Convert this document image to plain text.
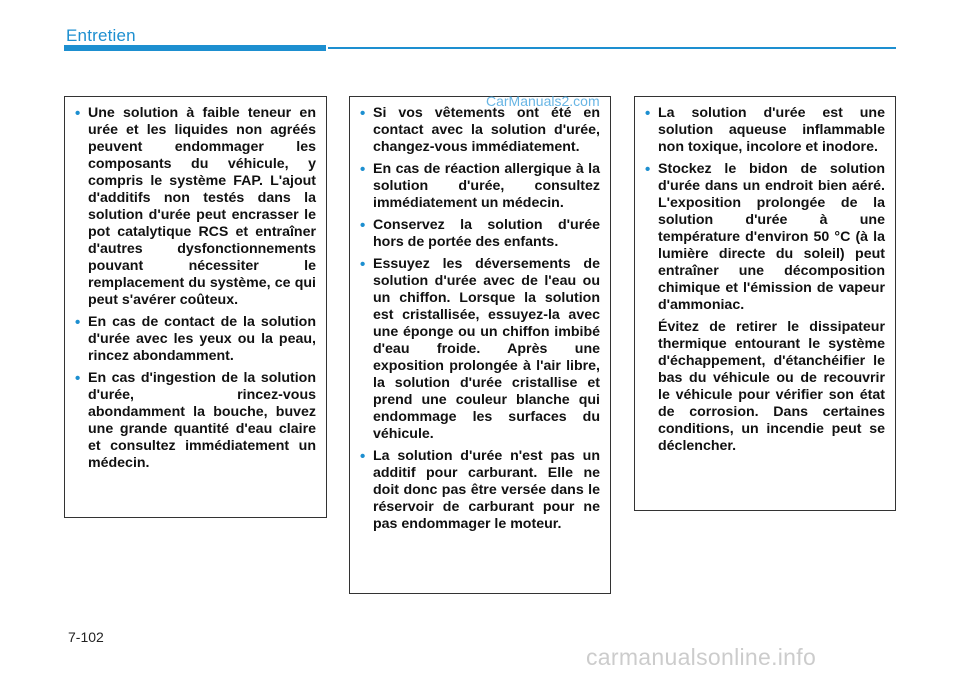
Entretien
• Une solution à faible teneur en urée et les liquides non agréés peuvent endommager les composants du véhicule, y compris le système FAP. L'ajout d'additifs non testés dans la solution d'urée peut encrasser le pot catalytique RCS et entraîner d'autres dysfonctionnements pouvant nécessiter le remplacement du système, ce qui peut s'avérer coûteux.
• En cas de contact de la solution d'urée avec les yeux ou la peau, rincez abondamment.
• En cas d'ingestion de la solution d'urée, rincez-vous abondamment la bouche, buvez une grande quantité d'eau claire et consultez immédiatement un médecin.
• Si vos vêtements ont été en contact avec la solution d'urée, changez-vous immédiatement.
• En cas de réaction allergique à la solution d'urée, consultez immédiatement un médecin.
• Conservez la solution d'urée hors de portée des enfants.
• Essuyez les déversements de solution d'urée avec de l'eau ou un chiffon. Lorsque la solution est cristallisée, essuyez-la avec une éponge ou un chiffon imbibé d'eau froide. Après une exposition prolongée à l'air libre, la solution d'urée cristallise et prend une couleur blanche qui endommage les surfaces du véhicule.
• La solution d'urée n'est pas un additif pour carburant. Elle ne doit donc pas être versée dans le réservoir de carburant pour ne pas endommager le moteur.
• La solution d'urée est une solution aqueuse inflammable non toxique, incolore et inodore.
• Stockez le bidon de solution d'urée dans un endroit bien aéré. L'exposition prolongée de la solution d'urée à une température d'environ 50 °C (à la lumière directe du soleil) peut entraîner une décomposition chimique et l'émission de vapeur d'ammoniac.

Évitez de retirer le dissipateur thermique entourant le système d'échappement, d'étanchéifier le bas du véhicule ou de recouvrir le véhicule pour vérifier son état de corrosion. Dans certaines conditions, un incendie peut se déclencher.

CarManuals2.com
7-102
carmanualsonline.info
